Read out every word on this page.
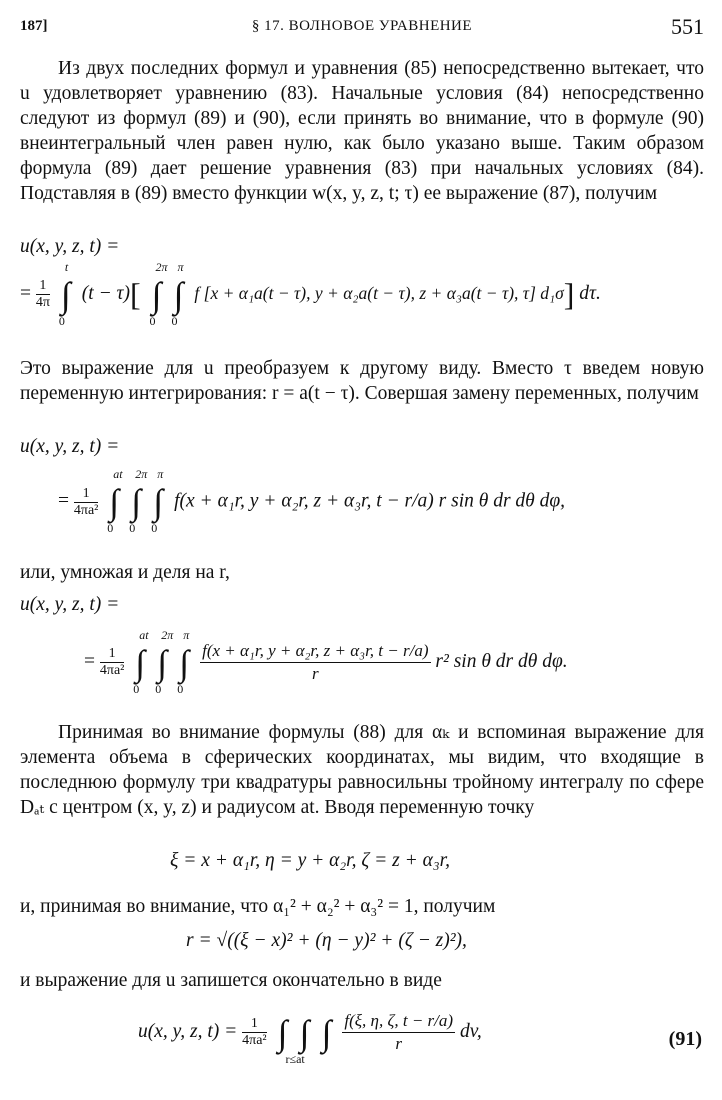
187]	§ 17. ВОЛНОВОЕ УРАВНЕНИЕ	551
Из двух последних формул и уравнения (85) непосредственно вытекает, что u удовлетворяет уравнению (83). Начальные условия (84) непосредственно следуют из формул (89) и (90), если принять во внимание, что в формуле (90) внеинтегральный член равен нулю, как было указано выше. Таким образом формула (89) дает решение уравнения (83) при начальных условиях (84). Подставляя в (89) вместо функции w(x, y, z, t; τ) ее выражение (87), получим
u(x, y, z, t) =
= $\frac{1}{4\pi}$ ∫
t
0
(t − τ)[ ∫
2π
0
∫
π
0
f [x + α₁a(t − τ), y + α₂a(t − τ), z + α₃a(t − τ), τ] d₁σ] dτ.
Это выражение для u преобразуем к другому виду. Вместо τ введем новую переменную интегрирования: r = a(t − τ). Совершая замену переменных, получим
u(x, y, z, t) =
= $\frac{1}{\text{4πa²}}$ ∫
at
0
∫
2π
0
∫
π
0
f(x + α₁r, y + α₂r, z + α₃r, t − r/a) r sin θ dr dθ dφ,
или, умножая и деля на r,
u(x, y, z, t) =
= $\frac{1}{\text{4πa²}}$ ∫
at
0
∫
2π
0
∫
π
0

$\frac{\text{f(x + α₁r, y + α₂r, z + α₃r, t − r/a)}}{r} r^2$ sin θ dr dθ dφ.
Принимая во внимание формулы (88) для αₖ и вспоминая выражение для элемента объема в сферических координатах, мы видим, что входящие в последнюю формулу три квадратуры равносильны тройному интегралу по сфере Dₐₜ с центром (x, y, z) и радиусом at. Вводя переменную точку
ξ = x + α₁r, η = y + α₂r, ζ = z + α₃r,
и, принимая во внимание, что α₁² + α₂² + α₃² = 1, получим
r = √((ξ − x)² + (η − y)² + (ζ − z)²),
и выражение для u запишется окончательно в виде
u(x, y, z, $t) = \frac{1}{\text{4πa²}}$ ∫ ∫
r≤at
∫ $\frac{f(\xi, \eta, \zeta, t - r/a)}{r}$ dv,	(91)
